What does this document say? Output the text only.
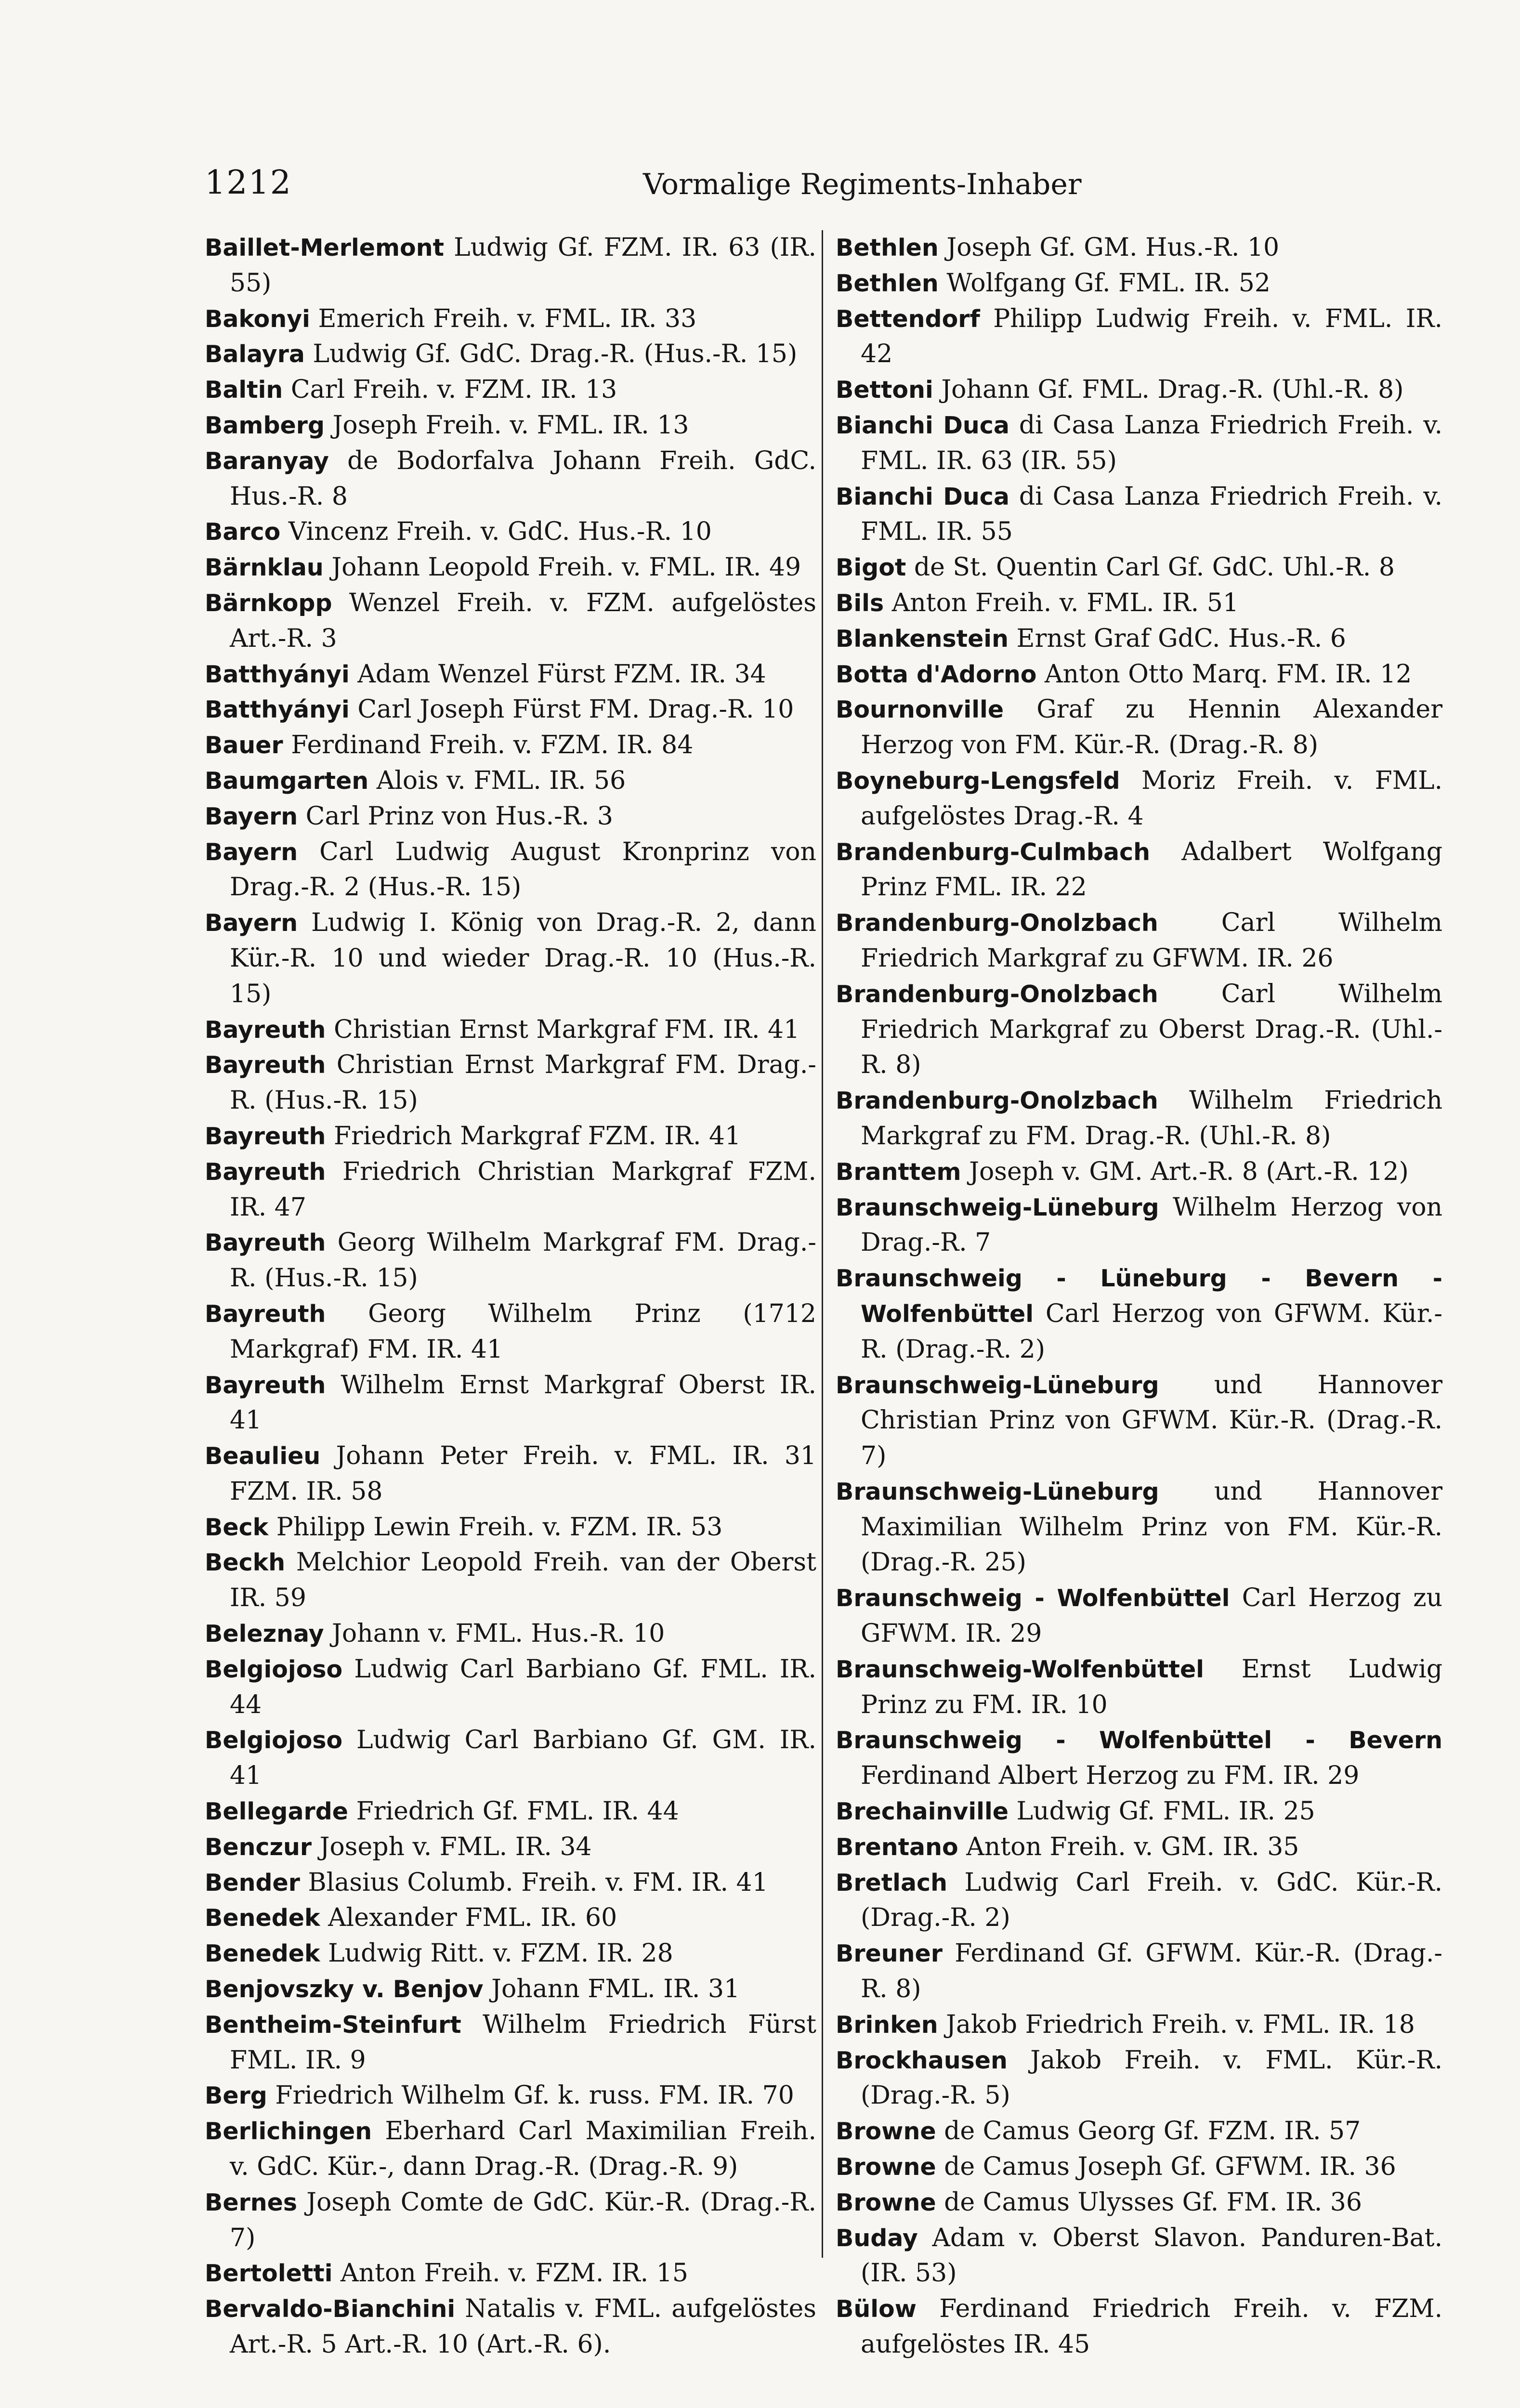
1212	Vormalige Regiments-Inhaber
Baillet-Merlemont Ludwig Gf. FZM. IR. 63 (IR. 55)
Bakonyi Emerich Freih. v. FML. IR. 33
Balayra Ludwig Gf. GdC. Drag.-R. (Hus.-R. 15)
Baltin Carl Freih. v. FZM. IR. 13
Bamberg Joseph Freih. v. FML. IR. 13
Baranyay de Bodorfalva Johann Freih. GdC. Hus.-R. 8
Barco Vincenz Freih. v. GdC. Hus.-R. 10
Bärnklau Johann Leopold Freih. v. FML. IR. 49
Bärnkopp Wenzel Freih. v. FZM. aufgelöstes Art.-R. 3
Batthyányi Adam Wenzel Fürst FZM. IR. 34
Batthyányi Carl Joseph Fürst FM. Drag.-R. 10
Bauer Ferdinand Freih. v. FZM. IR. 84
Baumgarten Alois v. FML. IR. 56
Bayern Carl Prinz von Hus.-R. 3
Bayern Carl Ludwig August Kronprinz von Drag.-R. 2 (Hus.-R. 15)
Bayern Ludwig I. König von Drag.-R. 2, dann Kür.-R. 10 und wieder Drag.-R. 10 (Hus.-R. 15)
Bayreuth Christian Ernst Markgraf FM. IR. 41
Bayreuth Christian Ernst Markgraf FM. Drag.-R. (Hus.-R. 15)
Bayreuth Friedrich Markgraf FZM. IR. 41
Bayreuth Friedrich Christian Markgraf FZM. IR. 47
Bayreuth Georg Wilhelm Markgraf FM. Drag.-R. (Hus.-R. 15)
Bayreuth Georg Wilhelm Prinz (1712 Markgraf) FM. IR. 41
Bayreuth Wilhelm Ernst Markgraf Oberst IR. 41
Beaulieu Johann Peter Freih. v. FML. IR. 31 FZM. IR. 58
Beck Philipp Lewin Freih. v. FZM. IR. 53
Beckh Melchior Leopold Freih. van der Oberst IR. 59
Beleznay Johann v. FML. Hus.-R. 10
Belgiojoso Ludwig Carl Barbiano Gf. FML. IR. 44
Belgiojoso Ludwig Carl Barbiano Gf. GM. IR. 41
Bellegarde Friedrich Gf. FML. IR. 44
Benczur Joseph v. FML. IR. 34
Bender Blasius Columb. Freih. v. FM. IR. 41
Benedek Alexander FML. IR. 60
Benedek Ludwig Ritt. v. FZM. IR. 28
Benjovszky v. Benjov Johann FML. IR. 31
Bentheim-Steinfurt Wilhelm Friedrich Fürst FML. IR. 9
Berg Friedrich Wilhelm Gf. k. russ. FM. IR. 70
Berlichingen Eberhard Carl Maximilian Freih. v. GdC. Kür.-, dann Drag.-R. (Drag.-R. 9)
Bernes Joseph Comte de GdC. Kür.-R. (Drag.-R. 7)
Bertoletti Anton Freih. v. FZM. IR. 15
Bervaldo-Bianchini Natalis v. FML. aufgelöstes Art.-R. 5 Art.-R. 10 (Art.-R. 6).
Bethlen Joseph Gf. GM. Hus.-R. 10
Bethlen Wolfgang Gf. FML. IR. 52
Bettendorf Philipp Ludwig Freih. v. FML. IR. 42
Bettoni Johann Gf. FML. Drag.-R. (Uhl.-R. 8)
Bianchi Duca di Casa Lanza Friedrich Freih. v. FML. IR. 63 (IR. 55)
Bianchi Duca di Casa Lanza Friedrich Freih. v. FML. IR. 55
Bigot de St. Quentin Carl Gf. GdC. Uhl.-R. 8
Bils Anton Freih. v. FML. IR. 51
Blankenstein Ernst Graf GdC. Hus.-R. 6
Botta d'Adorno Anton Otto Marq. FM. IR. 12
Bournonville Graf zu Hennin Alexander Herzog von FM. Kür.-R. (Drag.-R. 8)
Boyneburg-Lengsfeld Moriz Freih. v. FML. aufgelöstes Drag.-R. 4
Brandenburg-Culmbach Adalbert Wolfgang Prinz FML. IR. 22
Brandenburg-Onolzbach	Carl Wilhelm Friedrich Markgraf zu GFWM. IR. 26
Brandenburg-Onolzbach	Carl Wilhelm Friedrich Markgraf zu Oberst Drag.-R. (Uhl.-R. 8)
Brandenburg-Onolzbach Wilhelm Friedrich Markgraf zu FM. Drag.-R. (Uhl.-R. 8)
Branttem Joseph v. GM. Art.-R. 8 (Art.-R. 12)
Braunschweig-Lüneburg Wilhelm Herzog von Drag.-R. 7
Braunschweig - Lüneburg - Bevern - Wolfenbüttel Carl Herzog von GFWM. Kür.-R. (Drag.-R. 2)
Braunschweig-Lüneburg und Hannover Christian Prinz von GFWM. Kür.-R. (Drag.-R. 7)
Braunschweig-Lüneburg und Hannover Maximilian Wilhelm Prinz von FM. Kür.-R. (Drag.-R. 25)
Braunschweig - Wolfenbüttel Carl Herzog zu GFWM. IR. 29
Braunschweig-Wolfenbüttel Ernst Ludwig Prinz zu FM. IR. 10
Braunschweig - Wolfenbüttel - Bevern Ferdinand Albert Herzog zu FM. IR. 29
Brechainville Ludwig Gf. FML. IR. 25
Brentano Anton Freih. v. GM. IR. 35
Bretlach Ludwig Carl Freih. v. GdC. Kür.-R. (Drag.-R. 2)
Breuner Ferdinand Gf. GFWM. Kür.-R. (Drag.-R. 8)
Brinken Jakob Friedrich Freih. v. FML. IR. 18
Brockhausen Jakob Freih. v. FML. Kür.-R. (Drag.-R. 5)
Browne de Camus Georg Gf. FZM. IR. 57
Browne de Camus Joseph Gf. GFWM. IR. 36
Browne de Camus Ulysses Gf. FM. IR. 36
Buday Adam v. Oberst Slavon. Panduren-Bat. (IR. 53)
Bülow Ferdinand Friedrich Freih. v. FZM. aufgelöstes IR. 45
